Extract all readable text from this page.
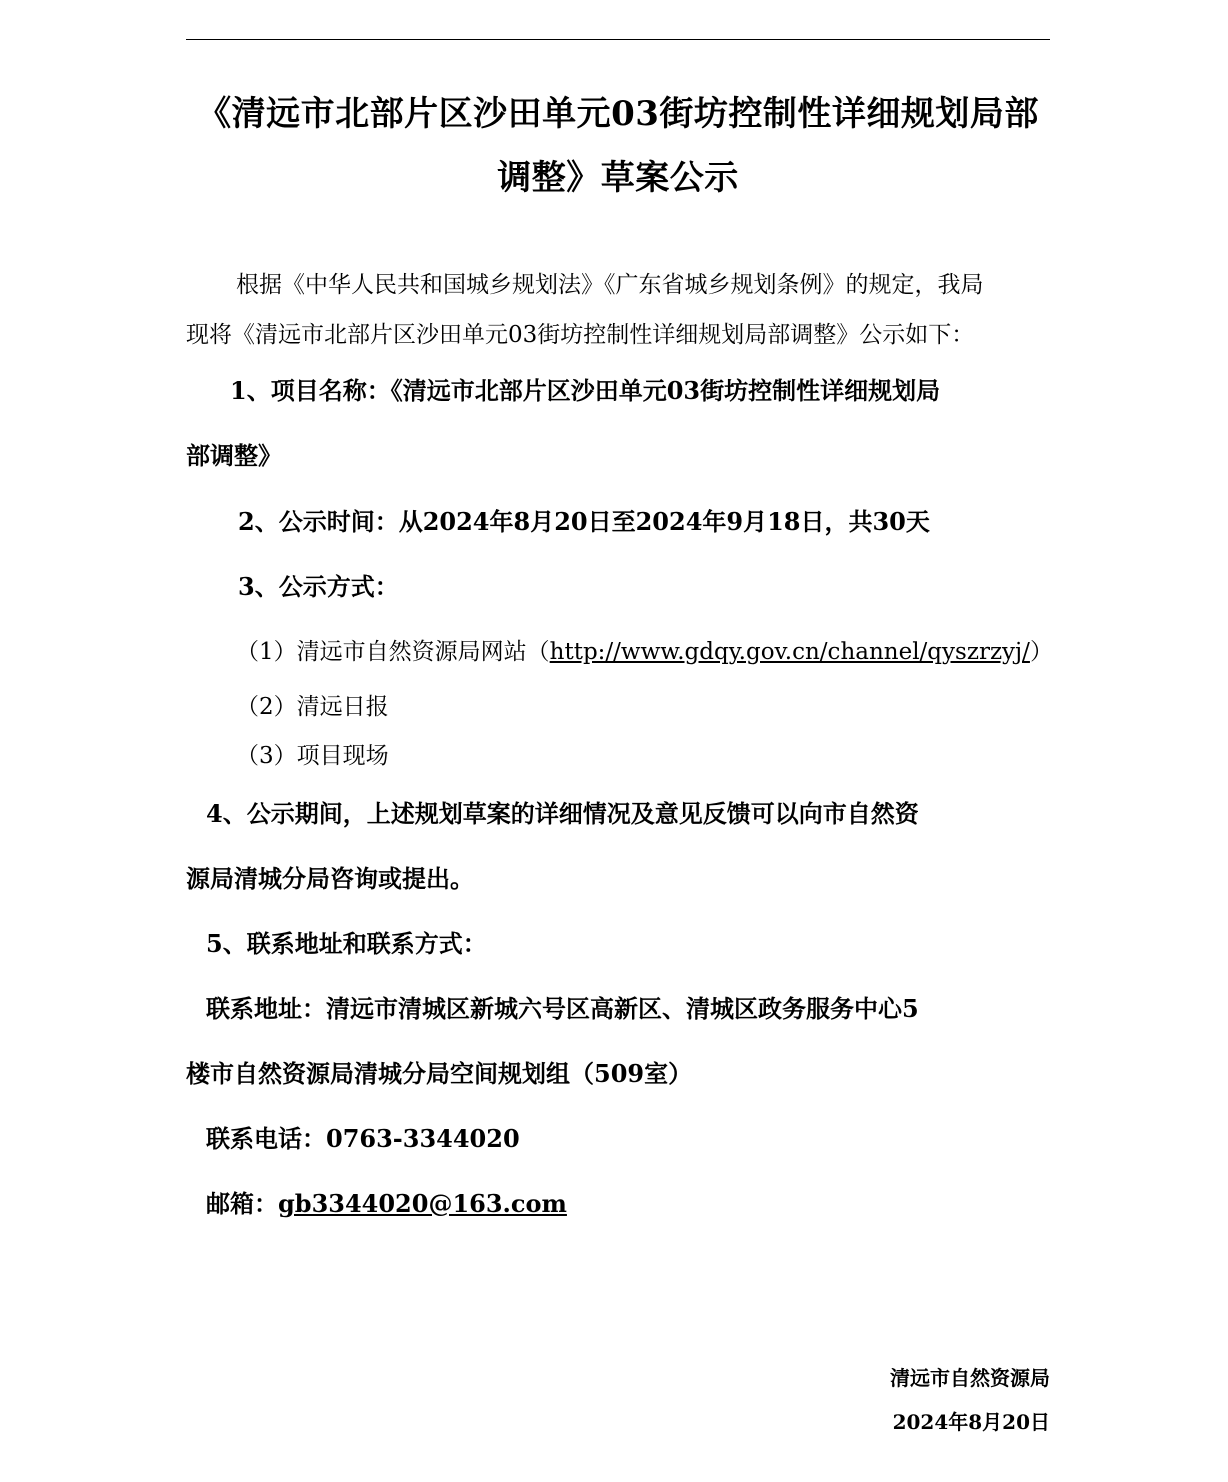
《清远市北部片区沙田单元03街坊控制性详细规划局部调整》草案公示
根据《中华人民共和国城乡规划法》《广东省城乡规划条例》的规定，我局
现将《清远市北部片区沙田单元03街坊控制性详细规划局部调整》公示如下：
1、项目名称：《清远市北部片区沙田单元03街坊控制性详细规划局
部调整》
2、公示时间：从2024年8月20日至2024年9月18日，共30天
3、公示方式：
（1）清远市自然资源局网站（http://www.gdqy.gov.cn/channel/qyszrzyj/）
（2）清远日报
（3）项目现场
4、公示期间，上述规划草案的详细情况及意见反馈可以向市自然资
源局清城分局咨询或提出。
5、联系地址和联系方式：
联系地址：清远市清城区新城六号区高新区、清城区政务服务中心5
楼市自然资源局清城分局空间规划组（509室）
联系电话：0763-3344020
邮箱：gb3344020@163.com
清远市自然资源局
2024年8月20日
